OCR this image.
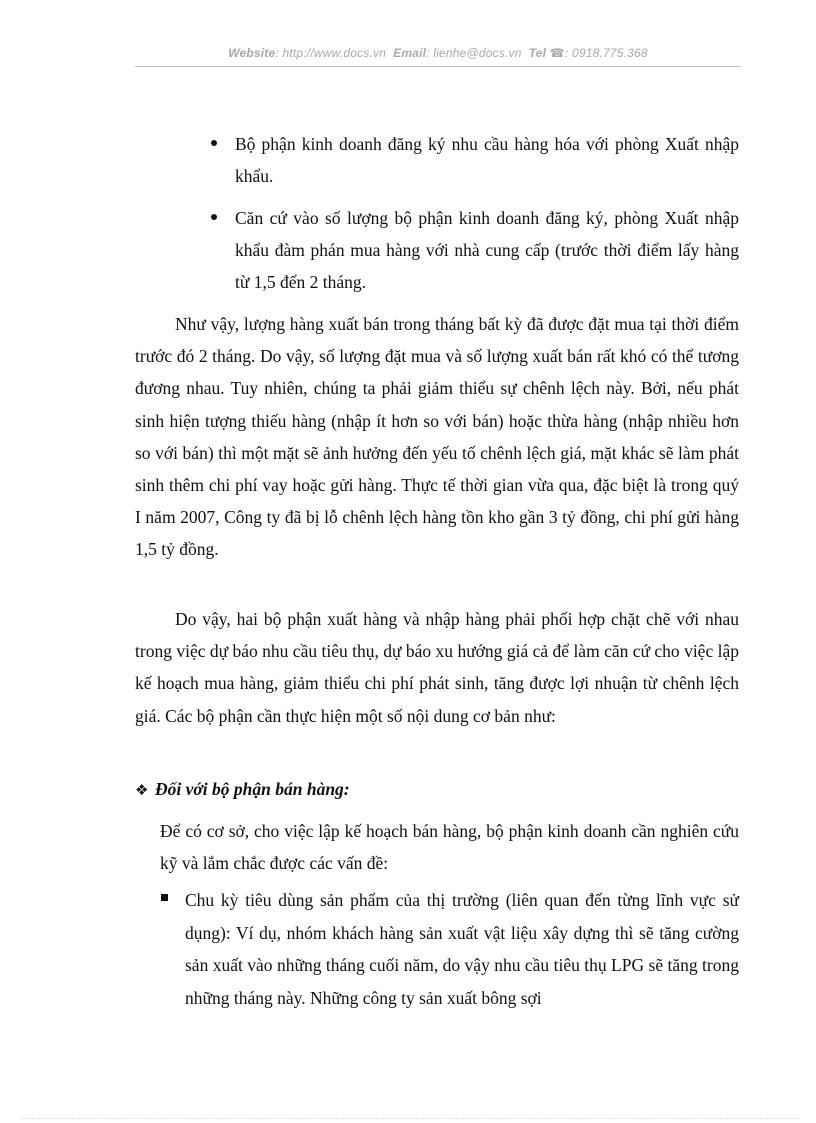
Website: http://www.docs.vn Email: lienhe@docs.vn Tel ☎: 0918.775.368
Bộ phận kinh doanh đăng ký nhu cầu hàng hóa với phòng Xuất nhập khẩu.
Căn cứ vào số lượng bộ phận kinh doanh đăng ký, phòng Xuất nhập khẩu đàm phán mua hàng với nhà cung cấp (trước thời điểm lấy hàng từ 1,5 đến 2 tháng.
Như vậy, lượng hàng xuất bán trong tháng bất kỳ đã được đặt mua tại thời điểm trước đó 2 tháng. Do vậy, số lượng đặt mua và số lượng xuất bán rất khó có thể tương đương nhau. Tuy nhiên, chúng ta phải giảm thiểu sự chênh lệch này. Bởi, nếu phát sinh hiện tượng thiếu hàng (nhập ít hơn so với bán) hoặc thừa hàng (nhập nhiều hơn so với bán) thì một mặt sẽ ảnh hưởng đến yếu tố chênh lệch giá, mặt khác sẽ làm phát sinh thêm chi phí vay hoặc gửi hàng. Thực tế thời gian vừa qua, đặc biệt là trong quý I năm 2007, Công ty đã bị lỗ chênh lệch hàng tồn kho gần 3 tỷ đồng, chi phí gửi hàng 1,5 tỷ đồng.
Do vậy, hai bộ phận xuất hàng và nhập hàng phải phối hợp chặt chẽ với nhau trong việc dự báo nhu cầu tiêu thụ, dự báo xu hướng giá cả để làm căn cứ cho việc lập kế hoạch mua hàng, giảm thiểu chi phí phát sinh, tăng được lợi nhuận từ chênh lệch giá. Các bộ phận cần thực hiện một số nội dung cơ bản như:
❖ Đối với bộ phận bán hàng:
Để có cơ sở, cho việc lập kế hoạch bán hàng, bộ phận kinh doanh cần nghiên cứu kỹ và lắm chắc được các vấn đề:
Chu kỳ tiêu dùng sản phẩm của thị trường (liên quan đến từng lĩnh vực sử dụng): Ví dụ, nhóm khách hàng sản xuất vật liệu xây dựng thì sẽ tăng cường sản xuất vào những tháng cuối năm, do vậy nhu cầu tiêu thụ LPG sẽ tăng trong những tháng này. Những công ty sản xuất bông sợi
